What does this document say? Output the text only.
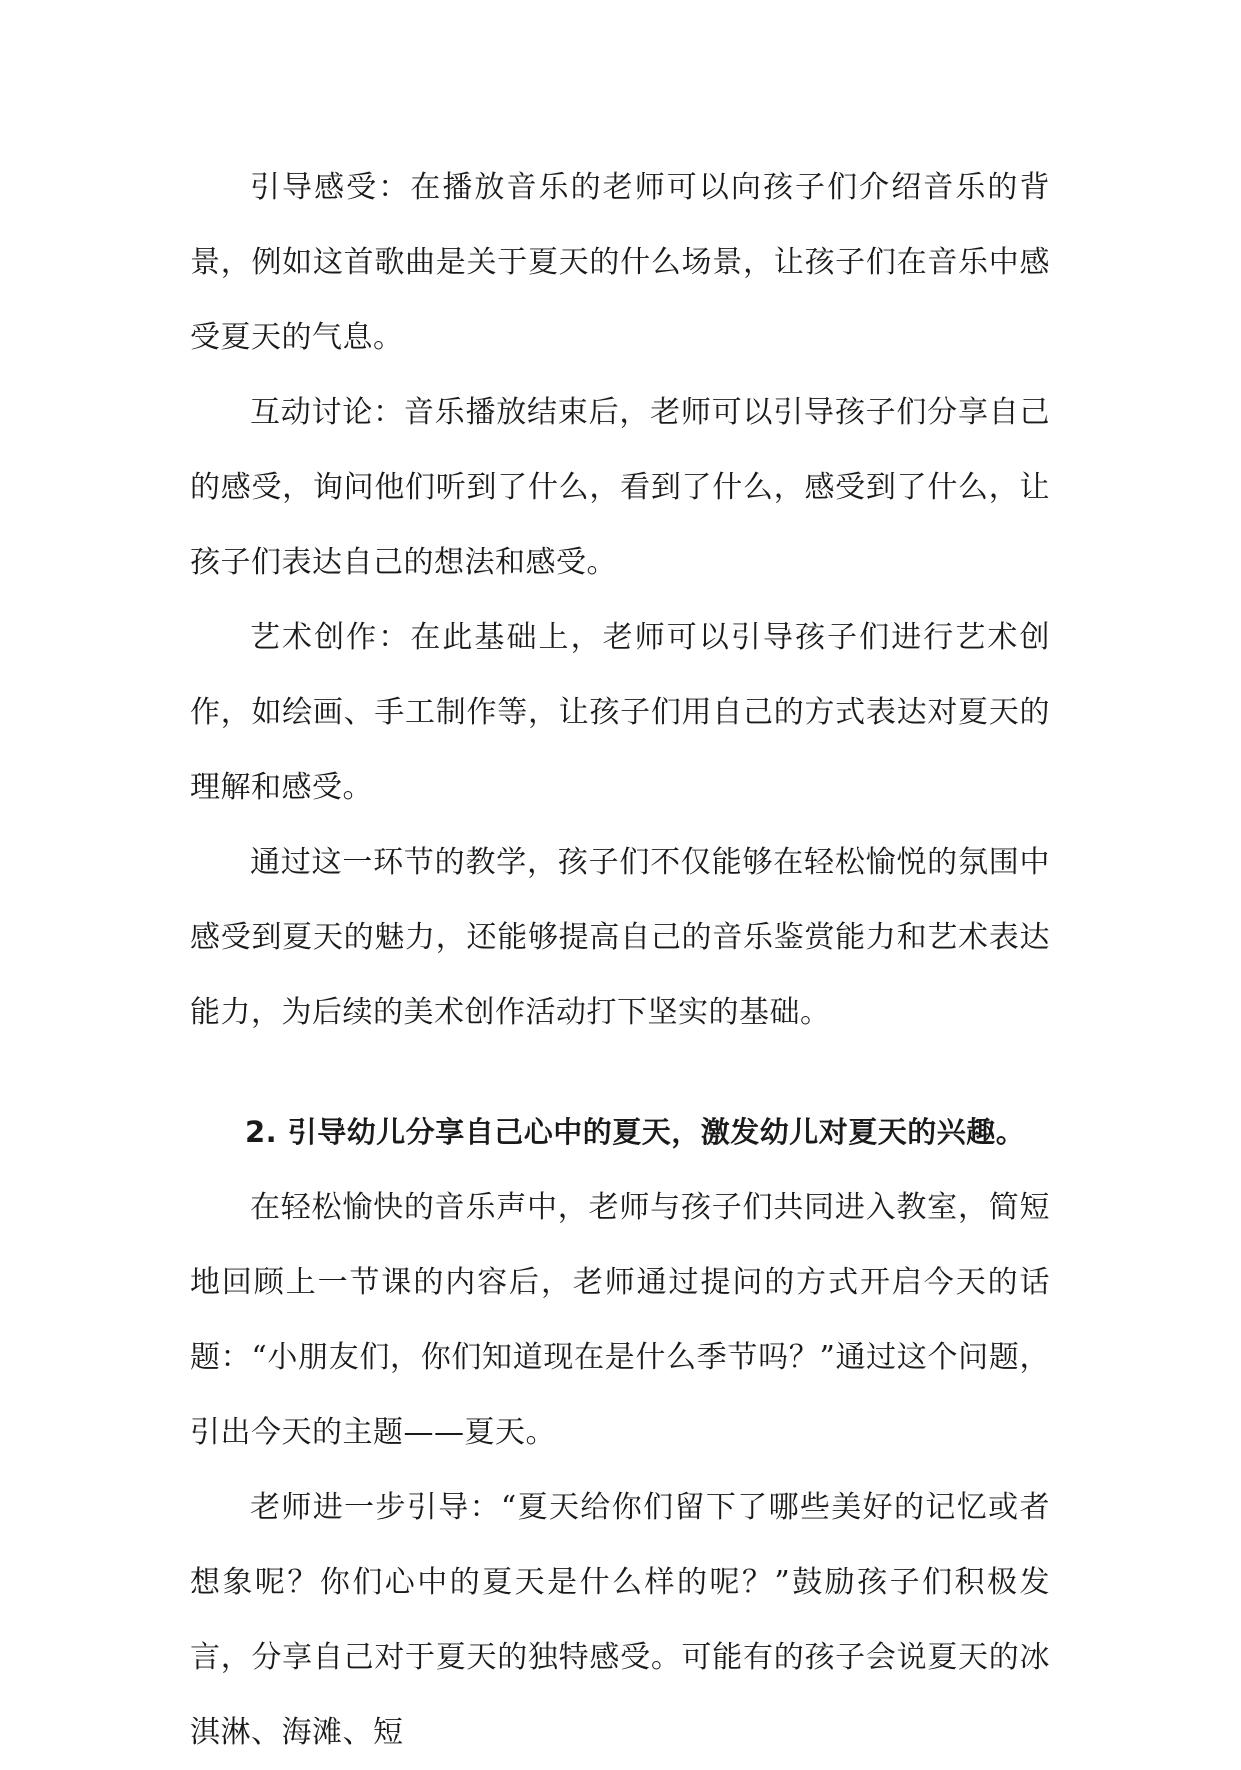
引导感受：在播放音乐的老师可以向孩子们介绍音乐的背景，例如这首歌曲是关于夏天的什么场景，让孩子们在音乐中感受夏天的气息。

互动讨论：音乐播放结束后，老师可以引导孩子们分享自己的感受，询问他们听到了什么，看到了什么，感受到了什么，让孩子们表达自己的想法和感受。

艺术创作：在此基础上，老师可以引导孩子们进行艺术创作，如绘画、手工制作等，让孩子们用自己的方式表达对夏天的理解和感受。

通过这一环节的教学，孩子们不仅能够在轻松愉悦的氛围中感受到夏天的魅力，还能够提高自己的音乐鉴赏能力和艺术表达能力，为后续的美术创作活动打下坚实的基础。

2. 引导幼儿分享自己心中的夏天，激发幼儿对夏天的兴趣。

在轻松愉快的音乐声中，老师与孩子们共同进入教室，简短地回顾上一节课的内容后，老师通过提问的方式开启今天的话题：“小朋友们，你们知道现在是什么季节吗？”通过这个问题，引出今天的主题——夏天。

老师进一步引导：“夏天给你们留下了哪些美好的记忆或者想象呢？你们心中的夏天是什么样的呢？”鼓励孩子们积极发言，分享自己对于夏天的独特感受。可能有的孩子会说夏天的冰淇淋、海滩、短
